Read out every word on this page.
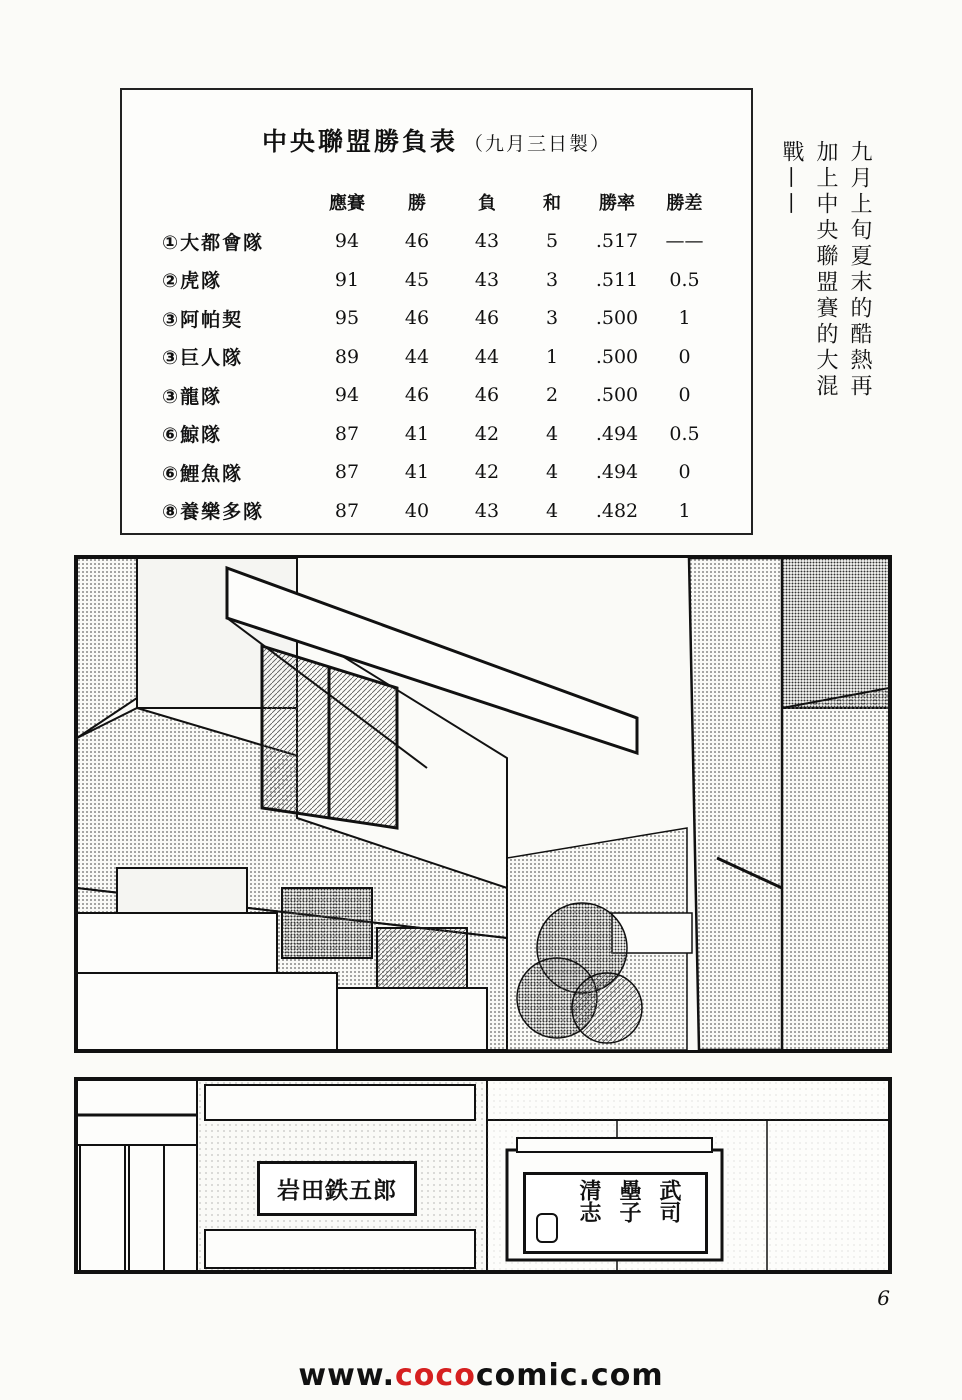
中央聯盟勝負表 （九月三日製）
	應賽	勝	負	和	勝率	勝差
①大都會隊	94	46	43	5	.517	——
②虎隊	91	45	43	3	.511	0.5
③阿帕契	95	46	46	3	.500	1
③巨人隊	89	44	44	1	.500	0
③龍隊	94	46	46	2	.500	0
⑥鯨隊	87	41	42	4	.494	0.5
⑥鯉魚隊	87	41	42	4	.494	0
⑧養樂多隊	87	40	43	4	.482	1
九月上旬夏末的酷熱再
加上中央聯盟賽的大混
戰——
岩田鉄五郎	武司
壘子
清志
6
www.cococomic.com
